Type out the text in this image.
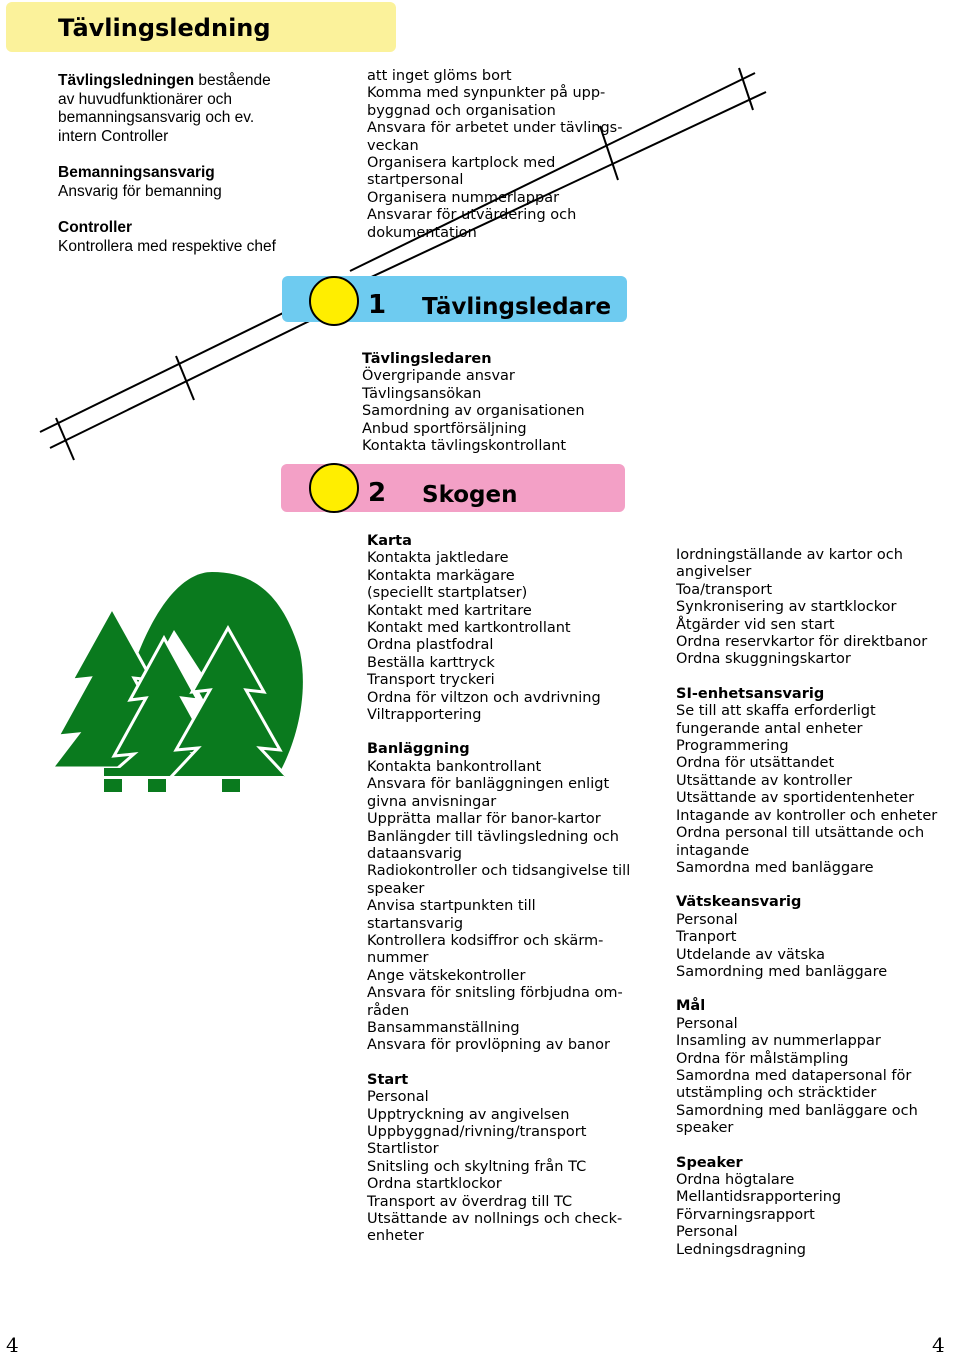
Tävlingsledning
Tävlingsledningen bestående
av huvudfunktionärer och
bemanningsansvarig och ev.
intern Controller
Bemanningsansvarig
Ansvarig för bemanning
Controller
Kontrollera med respektive chef
1 Tävlingsledare
att inget glöms bort
Komma med synpunkter på upp-
byggnad och organisation
Ansvara för arbetet under tävlings-
veckan
Organisera kartplock med
startpersonal
Organisera nummerlappar
Ansvarar för utvärdering och
dokumentation
Tävlingsledaren
Övergripande ansvar
Tävlingsansökan
Samordning av organisationen
Anbud sportförsäljning
Kontakta tävlingskontrollant
2 Skogen
Karta
Kontakta jaktledare
Kontakta markägare
(speciellt startplatser)
Kontakt med kartritare
Kontakt med kartkontrollant
Ordna plastfodral
Beställa karttryck
Transport tryckeri
Ordna för viltzon och avdrivning
Viltrapportering
Banläggning
Kontakta bankontrollant
Ansvara för banläggningen enligt
givna anvisningar
Upprätta mallar för banor-kartor
Banlängder till tävlingsledning och
dataansvarig
Radiokontroller och tidsangivelse till
speaker
Anvisa startpunkten till
startansvarig
Kontrollera kodsiffror och skärm-
nummer
Ange vätskekontroller
Ansvara för snitsling förbjudna om-
råden
Bansammanställning
Ansvara för provlöpning av banor
Start
Personal
Upptryckning av angivelsen
Uppbyggnad/rivning/transport
Startlistor
Snitsling och skyltning från TC
Ordna startklockor
Transport av överdrag till TC
Utsättande av nollnings och check-
enheter
Iordningställande av kartor och
angivelser
Toa/transport
Synkronisering av startklockor
Åtgärder vid sen start
Ordna reservkartor för direktbanor
Ordna skuggningskartor
SI-enhetsansvarig
Se till att skaffa erforderligt
fungerande antal enheter
Programmering
Ordna för utsättandet
Utsättande av kontroller
Utsättande av sportidentenheter
Intagande av kontroller och enheter
Ordna personal till utsättande och
intagande
Samordna med banläggare
Vätskeansvarig
Personal
Tranport
Utdelande av vätska
Samordning med banläggare
Mål
Personal
Insamling av nummerlappar
Ordna för målstämpling
Samordna med datapersonal för
utstämpling och sträcktider
Samordning med banläggare och
speaker
Speaker
Ordna högtalare
Mellantidsrapportering
Förvarningsrapport
Personal
Ledningsdragning
4	4
